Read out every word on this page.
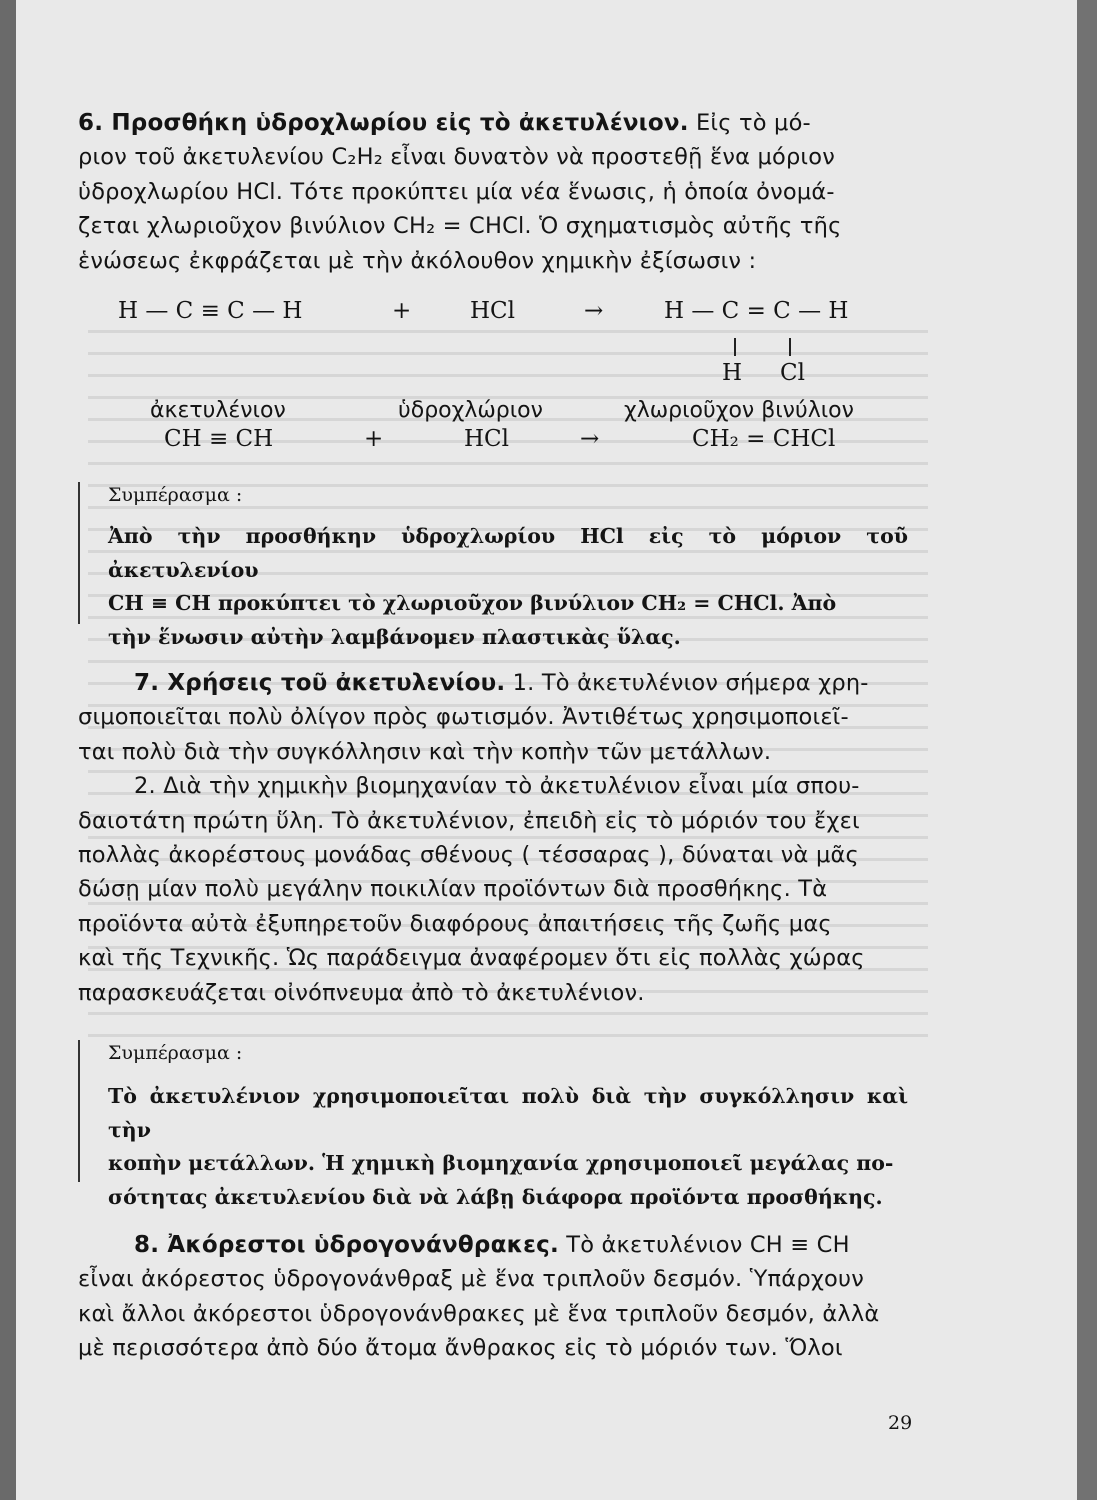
6. Προσθήκη ὑδροχλωρίου εἰς τὸ ἀκετυλένιον. Εἰς τὸ μό-
ριον τοῦ ἀκετυλενίου C₂H₂ εἶναι δυνατὸν νὰ προστεθῇ ἕνα μόριον
ὑδροχλωρίου HCl. Τότε προκύπτει μία νέα ἕνωσις, ἡ ὁποία ὀνομά-
ζεται χλωριοῦχον βινύλιον CH₂ = CHCl. Ὁ σχηματισμὸς αὐτῆς τῆς
ἑνώσεως ἐκφράζεται μὲ τὴν ἀκόλουθον χημικὴν ἐξίσωσιν :
H — C ≡ C — H	+	HCl	→	H — C = C — H
H Cl
ἀκετυλένιον	ὑδροχλώριον	χλωριοῦχον βινύλιον
CH ≡ CH	+	HCl	→	CH₂ = CHCl
Συμπέρασμα :
Ἀπὸ τὴν προσθήκην ὑδροχλωρίου HCl εἰς τὸ μόριον τοῦ ἀκετυλενίου
CH ≡ CH προκύπτει τὸ χλωριοῦχον βινύλιον CH₂ = CHCl. Ἀπὸ
τὴν ἕνωσιν αὐτὴν λαμβάνομεν πλαστικὰς ὕλας.
7. Χρήσεις τοῦ ἀκετυλενίου. 1. Τὸ ἀκετυλένιον σήμερα χρη-
σιμοποιεῖται πολὺ ὀλίγον πρὸς φωτισμόν. Ἀντιθέτως χρησιμοποιεῖ-
ται πολὺ διὰ τὴν συγκόλλησιν καὶ τὴν κοπὴν τῶν μετάλλων.
2. Διὰ τὴν χημικὴν βιομηχανίαν τὸ ἀκετυλένιον εἶναι μία σπου-
δαιοτάτη πρώτη ὕλη. Τὸ ἀκετυλένιον, ἐπειδὴ εἰς τὸ μόριόν του ἔχει
πολλὰς ἀκορέστους μονάδας σθένους ( τέσσαρας ), δύναται νὰ μᾶς
δώσῃ μίαν πολὺ μεγάλην ποικιλίαν προϊόντων διὰ προσθήκης. Τὰ
προϊόντα αὐτὰ ἐξυπηρετοῦν διαφόρους ἀπαιτήσεις τῆς ζωῆς μας
καὶ τῆς Τεχνικῆς. Ὡς παράδειγμα ἀναφέρομεν ὅτι εἰς πολλὰς χώρας
παρασκευάζεται οἰνόπνευμα ἀπὸ τὸ ἀκετυλένιον.
Συμπέρασμα :
Τὸ ἀκετυλένιον χρησιμοποιεῖται πολὺ διὰ τὴν συγκόλλησιν καὶ τὴν
κοπὴν μετάλλων. Ἡ χημικὴ βιομηχανία χρησιμοποιεῖ μεγάλας πο-
σότητας ἀκετυλενίου διὰ νὰ λάβῃ διάφορα προϊόντα προσθήκης.
8. Ἀκόρεστοι ὑδρογονάνθρακες. Τὸ ἀκετυλένιον CH ≡ CH
εἶναι ἀκόρεστος ὑδρογονάνθραξ μὲ ἕνα τριπλοῦν δεσμόν. Ὑπάρχουν
καὶ ἄλλοι ἀκόρεστοι ὑδρογονάνθρακες μὲ ἕνα τριπλοῦν δεσμόν, ἀλλὰ
μὲ περισσότερα ἀπὸ δύο ἄτομα ἄνθρακος εἰς τὸ μόριόν των. Ὅλοι
29
